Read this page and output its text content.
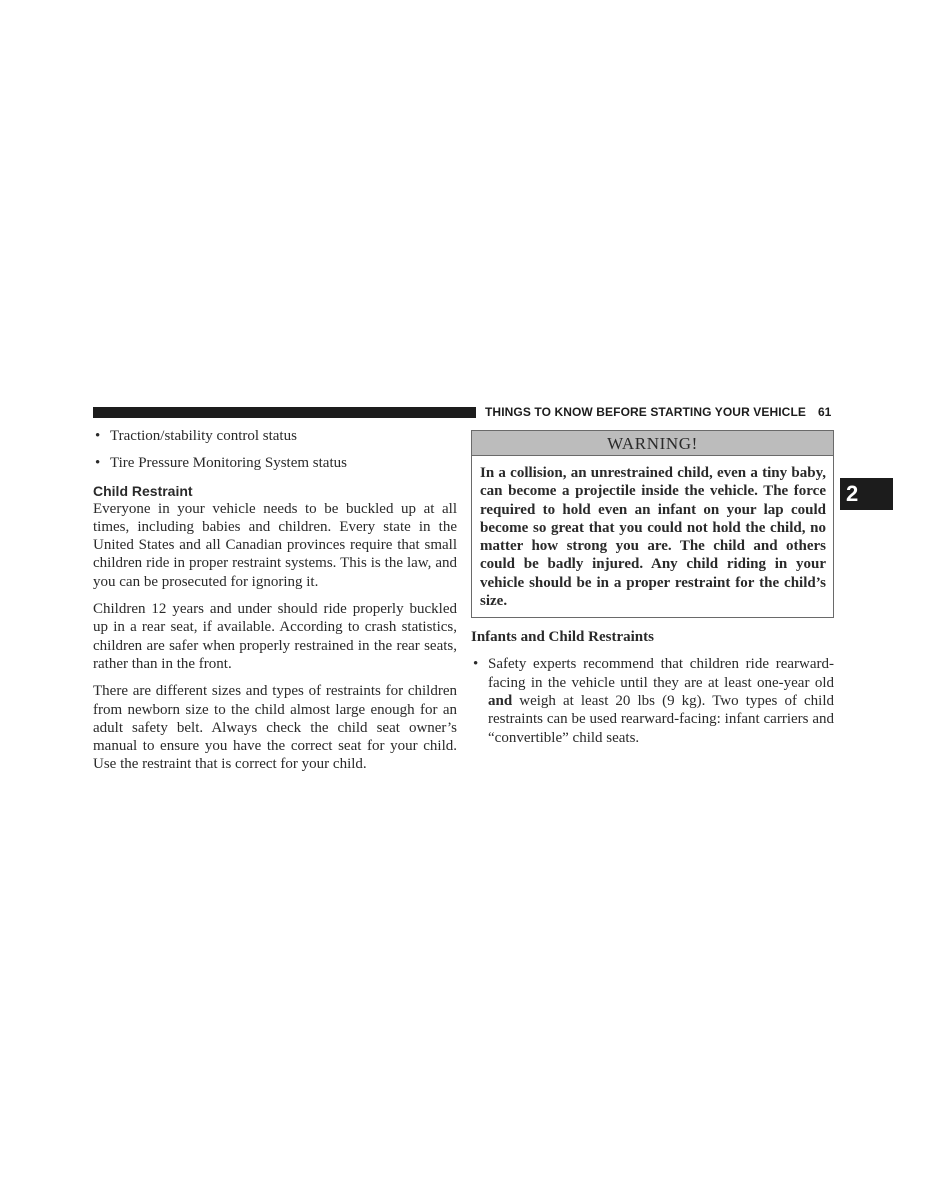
THINGS TO KNOW BEFORE STARTING YOUR VEHICLE 61
2
• Traction/stability control status
• Tire Pressure Monitoring System status
Child Restraint

Everyone in your vehicle needs to be buckled up at all times, including babies and children. Every state in the United States and all Canadian provinces require that small children ride in proper restraint systems. This is the law, and you can be prosecuted for ignoring it.

Children 12 years and under should ride properly buckled up in a rear seat, if available. According to crash statistics, children are safer when properly restrained in the rear seats, rather than in the front.

There are different sizes and types of restraints for children from newborn size to the child almost large enough for an adult safety belt. Always check the child seat owner’s manual to ensure you have the correct seat for your child. Use the restraint that is correct for your child.

WARNING!
In a collision, an unrestrained child, even a tiny baby, can become a projectile inside the vehicle. The force required to hold even an infant on your lap could become so great that you could not hold the child, no matter how strong you are. The child and others could be badly injured. Any child riding in your vehicle should be in a proper restraint for the child’s size.
Infants and Child Restraints
• Safety experts recommend that children ride rearward-facing in the vehicle until they are at least one-year old and weigh at least 20 lbs (9 kg). Two types of child restraints can be used rearward-facing: infant carriers and “convertible” child seats.
